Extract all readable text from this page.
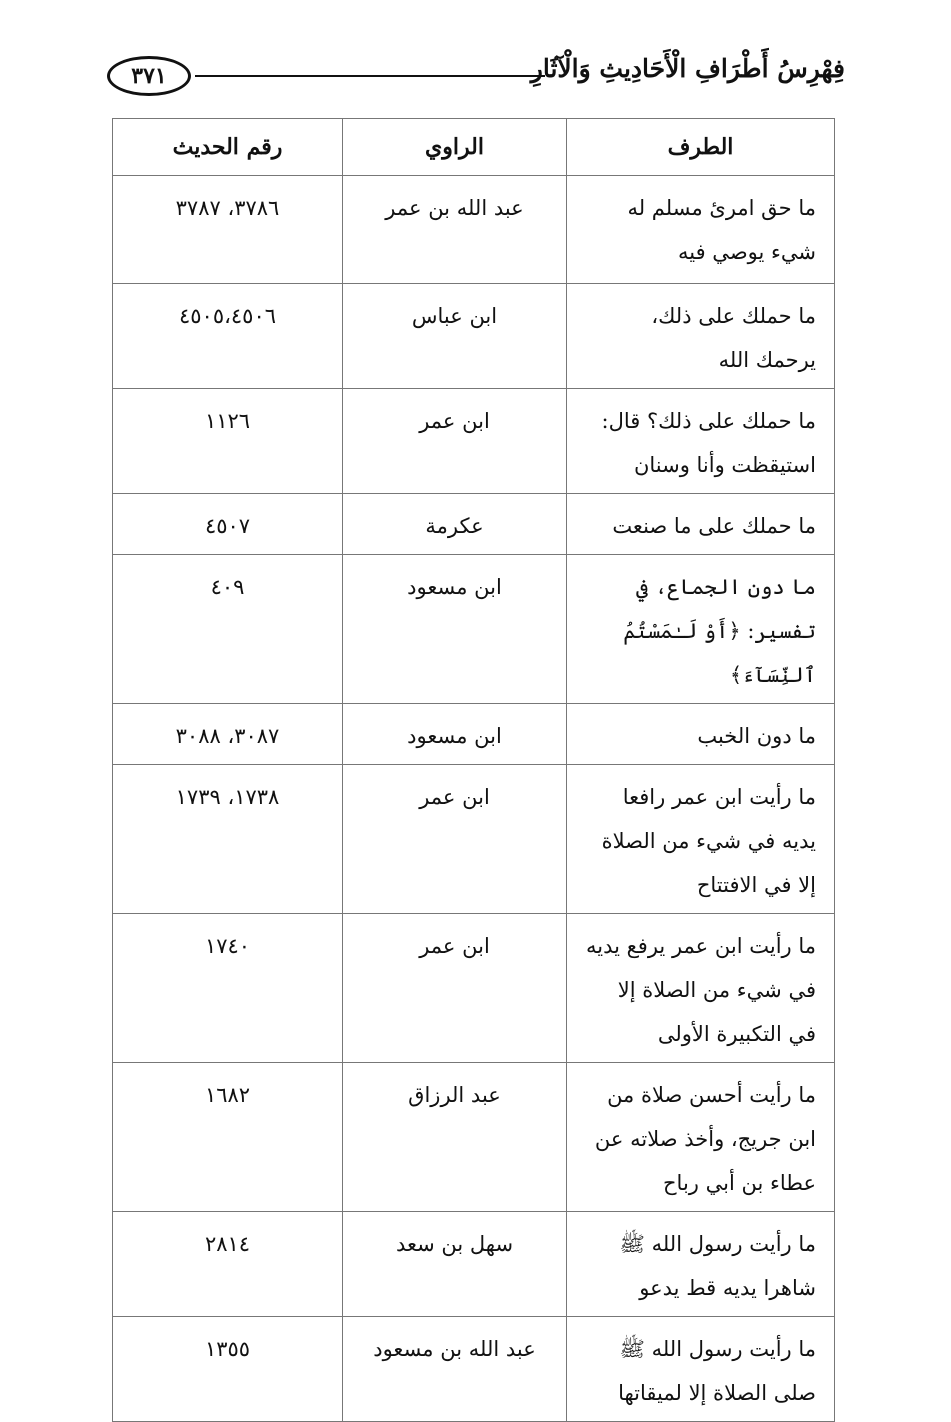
٣٧١	فِهْرِسُ أَطْرَافِ الْأَحَادِيثِ وَالْآثَارِ
الطرف	الراوي	رقم الحديث
ما حق امرئ مسلم له شيء يوصي فيه	عبد الله بن عمر	٣٧٨٦، ٣٧٨٧
ما حملك على ذلك، يرحمك الله	ابن عباس	٤٥٠٥،٤٥٠٦
ما حملك على ذلك؟ قال: استيقظت وأنا وسنان	ابن عمر	١١٢٦
ما حملك على ما صنعت	عكرمة	٤٥٠٧
ما دون الجماع، في تفسير: ﴿أَوْ لَـٰمَسْتُمُ ٱلنِّسَآءَ﴾	ابن مسعود	٤٠٩
ما دون الخبب	ابن مسعود	٣٠٨٧، ٣٠٨٨
ما رأيت ابن عمر رافعا يديه في شيء من الصلاة إلا في الافتتاح	ابن عمر	١٧٣٨، ١٧٣٩
ما رأيت ابن عمر يرفع يديه في شيء من الصلاة إلا في التكبيرة الأولى	ابن عمر	١٧٤٠
ما رأيت أحسن صلاة من ابن جريج، وأخذ صلاته عن عطاء بن أبي رباح	عبد الرزاق	١٦٨٢
ما رأيت رسول الله ﷺ شاهرا يديه قط يدعو	سهل بن سعد	٢٨١٤
ما رأيت رسول الله ﷺ صلى الصلاة إلا لميقاتها	عبد الله بن مسعود	١٣٥٥
